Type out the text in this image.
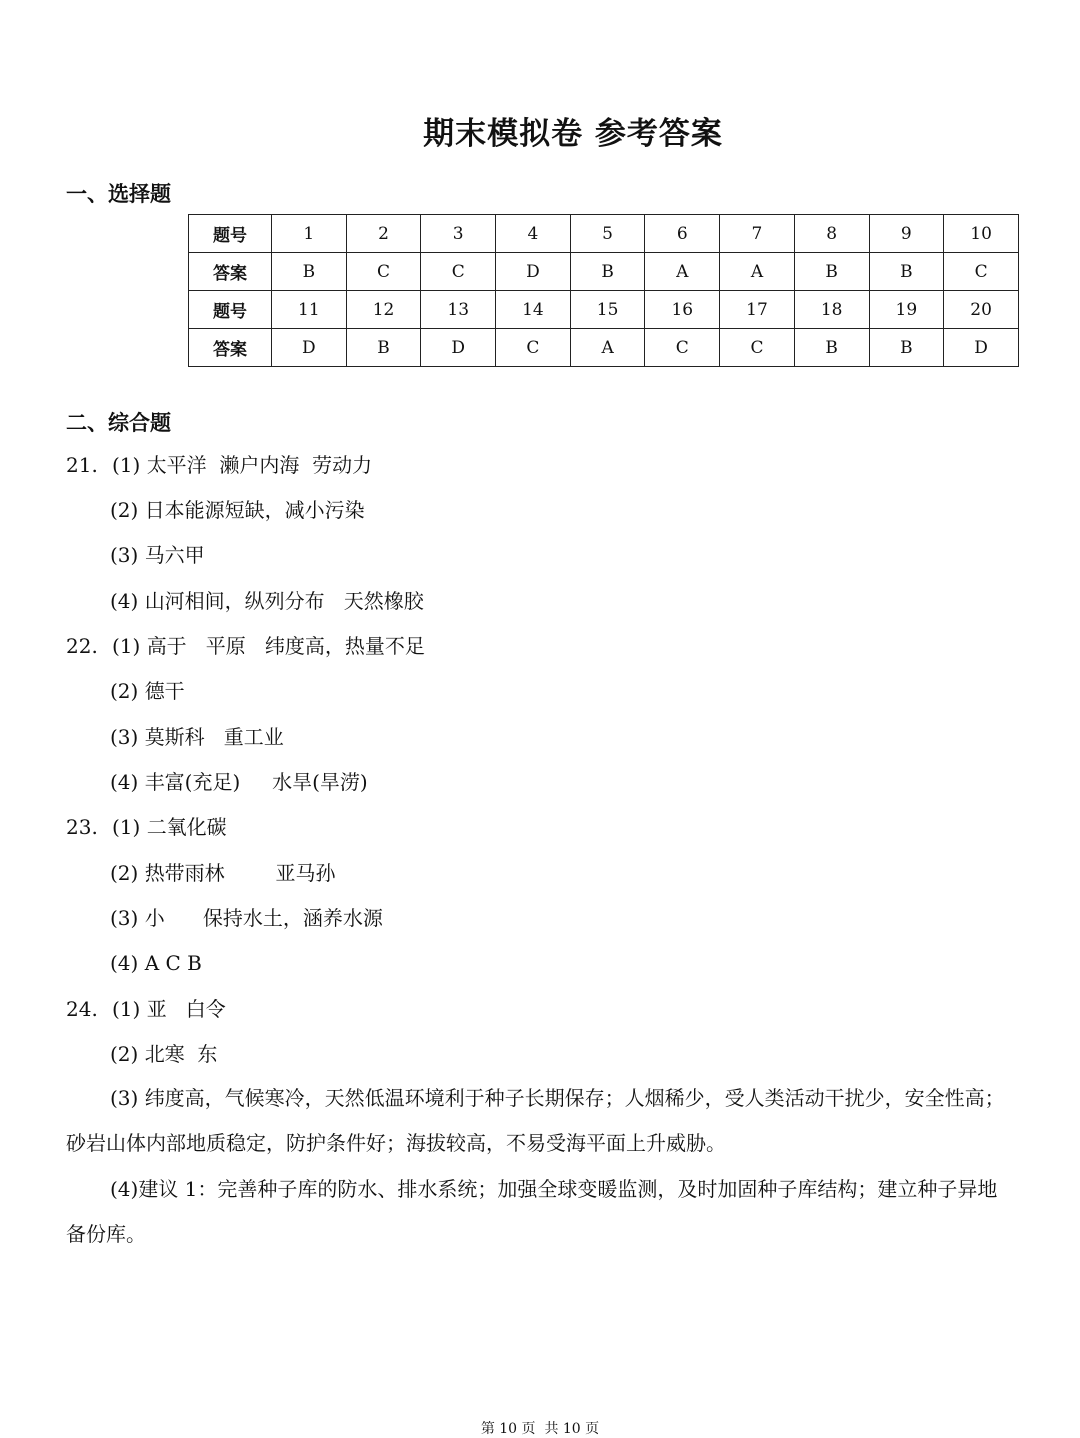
期末模拟卷 参考答案
一、选择题
题号	1	2	3	4	5	6	7	8	9	10
答案	B	C	C	D	B	A	A	B	B	C
题号	11	12	13	14	15	16	17	18	19	20
答案	D	B	D	C	A	C	C	B	B	D
二、综合题
21. (1) 太平洋  濑户内海  劳动力
(2) 日本能源短缺，减小污染
(3) 马六甲
(4) 山河相间，纵列分布   天然橡胶
22. (1) 高于   平原   纬度高，热量不足
(2) 德干
(3) 莫斯科   重工业
(4) 丰富(充足)     水旱(旱涝)
23. (1) 二氧化碳
(2) 热带雨林        亚马孙
(3) 小      保持水土，涵养水源
(4) A C B
24. (1) 亚   白令
(2) 北寒  东
(3) 纬度高，气候寒冷，天然低温环境利于种子长期保存；人烟稀少，受人类活动干扰少，安全性高；砂岩山体内部地质稳定，防护条件好；海拔较高，不易受海平面上升威胁。
(4)建议 1：完善种子库的防水、排水系统；加强全球变暖监测，及时加固种子库结构；建立种子异地备份库。
第 10 页  共 10 页
